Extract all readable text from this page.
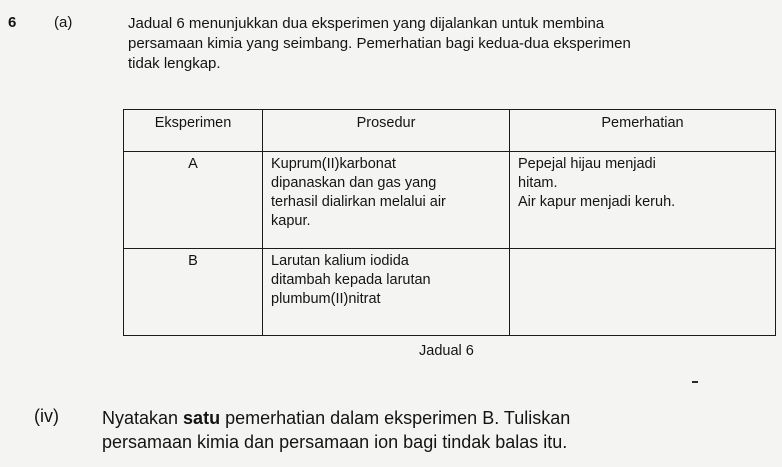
6	(a)	Jadual 6 menunjukkan dua eksperimen yang dijalankan untuk membina
persamaan kimia yang seimbang. Pemerhatian bagi kedua-dua eksperimen
tidak lengkap.
Eksperimen	Prosedur	Pemerhatian
A	Kuprum(II)karbonat
dipanaskan dan gas yang
terhasil dialirkan melalui air
kapur.	Pepejal hijau menjadi
hitam.
Air kapur menjadi keruh.

B	Larutan kalium iodida
ditambah kepada larutan
plumbum(II)nitrat	

Jadual 6
(iv) Nyatakan satu pemerhatian dalam eksperimen B. Tuliskan
persamaan kimia dan persamaan ion bagi tindak balas itu.
